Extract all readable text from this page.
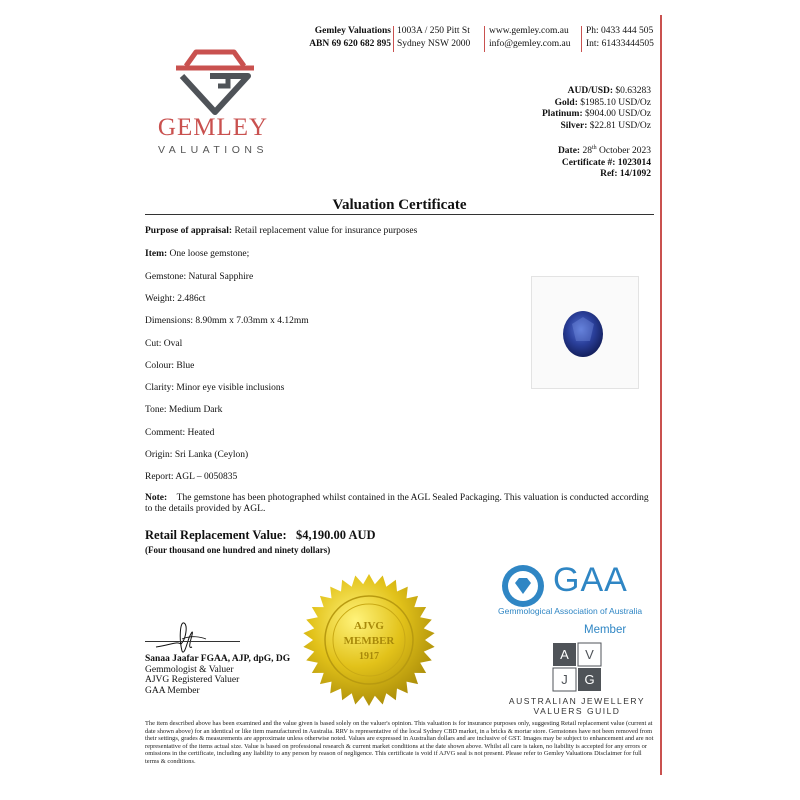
Gemley Valuations
ABN 69 620 682 895
1003A / 250 Pitt St
Sydney NSW 2000
www.gemley.com.au
info@gemley.com.au
Ph: 0433 444 505
Int: 61433444505
GEMLEY
VALUATIONS
AUD/USD: $0.63283
Gold: $1985.10 USD/Oz
Platinum: $904.00 USD/Oz
Silver: $22.81 USD/Oz
Date: 28th October 2023
Certificate #: 1023014
Ref: 14/1092
Valuation Certificate
Purpose of appraisal: Retail replacement value for insurance purposes
Item: One loose gemstone;
Gemstone: Natural Sapphire
Weight: 2.486ct
Dimensions: 8.90mm x 7.03mm x 4.12mm
Cut: Oval
Colour: Blue
Clarity: Minor eye visible inclusions
Tone: Medium Dark
Comment: Heated
Origin: Sri Lanka (Ceylon)
Report: AGL – 0050835
Note: The gemstone has been photographed whilst contained in the AGL Sealed Packaging. This valuation is conducted according to the details provided by AGL.
Retail Replacement Value: $4,190.00 AUD
(Four thousand one hundred and ninety dollars)
Sanaa Jaafar FGAA, AJP, dpG, DG
Gemmologist & Valuer
AJVG Registered Valuer
GAA Member
AJVG
MEMBER
1917
GAA
Gemmological Association of Australia
Member
A V
J G
AUSTRALIAN JEWELLERY
VALUERS GUILD
The item described above has been examined and the value given is based solely on the valuer's opinion. This valuation is for insurance purposes only, suggesting Retail replacement value (current at date shown above) for an identical or like item manufactured in Australia. RRV is representative of the local Sydney CBD market, in a bricks & mortar store. Gemstones have not been removed from their settings, grades & measurements are approximate unless otherwise noted. Values are expressed in Australian dollars and are inclusive of GST. Images may be subject to enhancement and are not representative of the items actual size. Value is based on professional research & current market conditions at the date shown above. Whilst all care is taken, no liability is accepted for any errors or omissions in the certificate, including any liability to any person by reason of negligence. This certificate is void if AJVG seal is not present. Please refer to Gemley Valuations Disclaimer for full terms & conditions.
